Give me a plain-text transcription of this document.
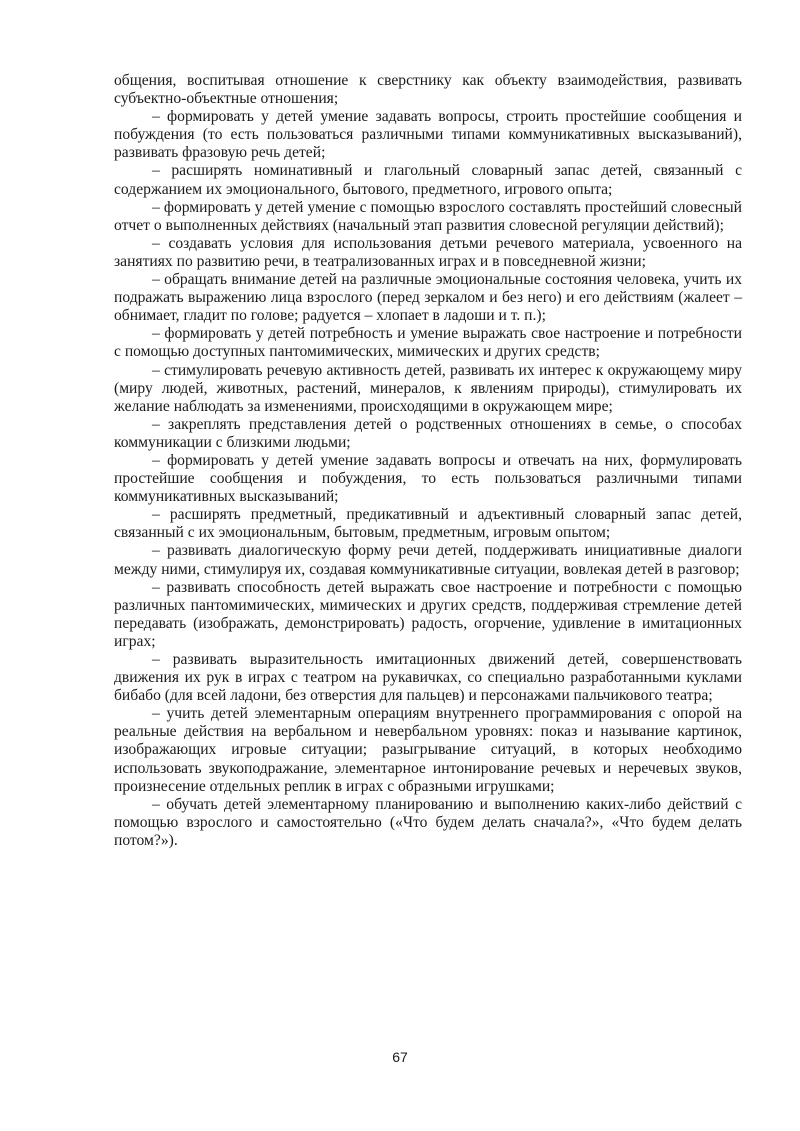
общения, воспитывая отношение к сверстнику как объекту взаимодействия, развивать субъектно-объектные отношения;

– формировать у детей умение задавать вопросы, строить простейшие сообщения и побуждения (то есть пользоваться различными типами коммуникативных высказываний), развивать фразовую речь детей;

– расширять номинативный и глагольный словарный запас детей, связанный с содержанием их эмоционального, бытового, предметного, игрового опыта;

– формировать у детей умение с помощью взрослого составлять простейший словесный отчет о выполненных действиях (начальный этап развития словесной регуляции действий);

– создавать условия для использования детьми речевого материала, усвоенного на занятиях по развитию речи, в театрализованных играх и в повседневной жизни;

– обращать внимание детей на различные эмоциональные состояния человека, учить их подражать выражению лица взрослого (перед зеркалом и без него) и его действиям (жалеет – обнимает, гладит по голове; радуется – хлопает в ладоши и т. п.);

– формировать у детей потребность и умение выражать свое настроение и потребности с помощью доступных пантомимических, мимических и других средств;

– стимулировать речевую активность детей, развивать их интерес к окружающему миру (миру людей, животных, растений, минералов, к явлениям природы), стимулировать их желание наблюдать за изменениями, происходящими в окружающем мире;

– закреплять представления детей о родственных отношениях в семье, о способах коммуникации с близкими людьми;

– формировать у детей умение задавать вопросы и отвечать на них, формулировать простейшие сообщения и побуждения, то есть пользоваться различными типами коммуникативных высказываний;

– расширять предметный, предикативный и адъективный словарный запас детей, связанный с их эмоциональным, бытовым, предметным, игровым опытом;

– развивать диалогическую форму речи детей, поддерживать инициативные диалоги между ними, стимулируя их, создавая коммуникативные ситуации, вовлекая детей в разговор;

– развивать способность детей выражать свое настроение и потребности с помощью различных пантомимических, мимических и других средств, поддерживая стремление детей передавать (изображать, демонстрировать) радость, огорчение, удивление в имитационных играх;

– развивать выразительность имитационных движений детей, совершенствовать движения их рук в играх с театром на рукавичках, со специально разработанными куклами бибабо (для всей ладони, без отверстия для пальцев) и персонажами пальчикового театра;

– учить детей элементарным операциям внутреннего программирования с опорой на реальные действия на вербальном и невербальном уровнях: показ и называние картинок, изображающих игровые ситуации; разыгрывание ситуаций, в которых необходимо использовать звукоподражание, элементарное интонирование речевых и неречевых звуков, произнесение отдельных реплик в играх с образными игрушками;

– обучать детей элементарному планированию и выполнению каких-либо действий с помощью взрослого и самостоятельно («Что будем делать сначала?», «Что будем делать потом?»).

67
